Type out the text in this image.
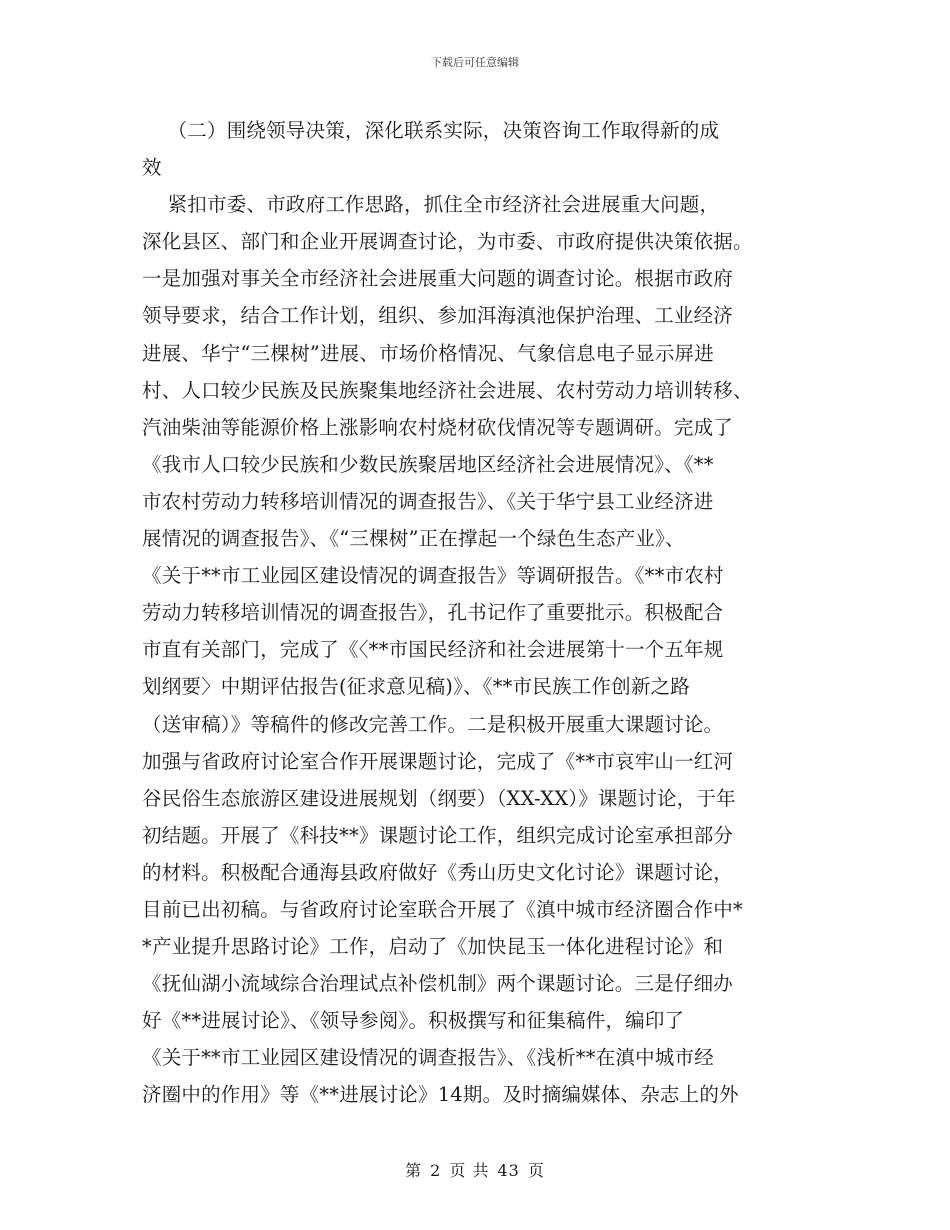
下载后可任意编辑
（二）围绕领导决策，深化联系实际，决策咨询工作取得新的成
效
紧扣市委、市政府工作思路，抓住全市经济社会进展重大问题，
深化县区、部门和企业开展调查讨论，为市委、市政府提供决策依据。
一是加强对事关全市经济社会进展重大问题的调查讨论。根据市政府
领导要求，结合工作计划，组织、参加洱海滇池保护治理、工业经济
进展、华宁“三棵树”进展、市场价格情况、气象信息电子显示屏进
村、人口较少民族及民族聚集地经济社会进展、农村劳动力培训转移、
汽油柴油等能源价格上涨影响农村烧材砍伐情况等专题调研。完成了
《我市人口较少民族和少数民族聚居地区经济社会进展情况》、《**
市农村劳动力转移培训情况的调查报告》、《关于华宁县工业经济进
展情况的调查报告》、《“三棵树”正在撑起一个绿色生态产业》、
《关于**市工业园区建设情况的调查报告》等调研报告。《**市农村
劳动力转移培训情况的调查报告》，孔书记作了重要批示。积极配合
市直有关部门，完成了《〈**市国民经济和社会进展第十一个五年规
划纲要〉中期评估报告(征求意见稿)》、《**市民族工作创新之路
（送审稿）》等稿件的修改完善工作。二是积极开展重大课题讨论。
加强与省政府讨论室合作开展课题讨论，完成了《**市哀牢山一红河
谷民俗生态旅游区建设进展规划（纲要）（XX-XX）》课题讨论，于年
初结题。开展了《科技**》课题讨论工作，组织完成讨论室承担部分
的材料。积极配合通海县政府做好《秀山历史文化讨论》课题讨论，
目前已出初稿。与省政府讨论室联合开展了《滇中城市经济圈合作中*
*产业提升思路讨论》工作，启动了《加快昆玉一体化进程讨论》和
《抚仙湖小流域综合治理试点补偿机制》两个课题讨论。三是仔细办
好《**进展讨论》、《领导参阅》。积极撰写和征集稿件，编印了
《关于**市工业园区建设情况的调查报告》、《浅析**在滇中城市经
济圈中的作用》等《**进展讨论》14期。及时摘编媒体、杂志上的外
第 2 页 共 43 页
